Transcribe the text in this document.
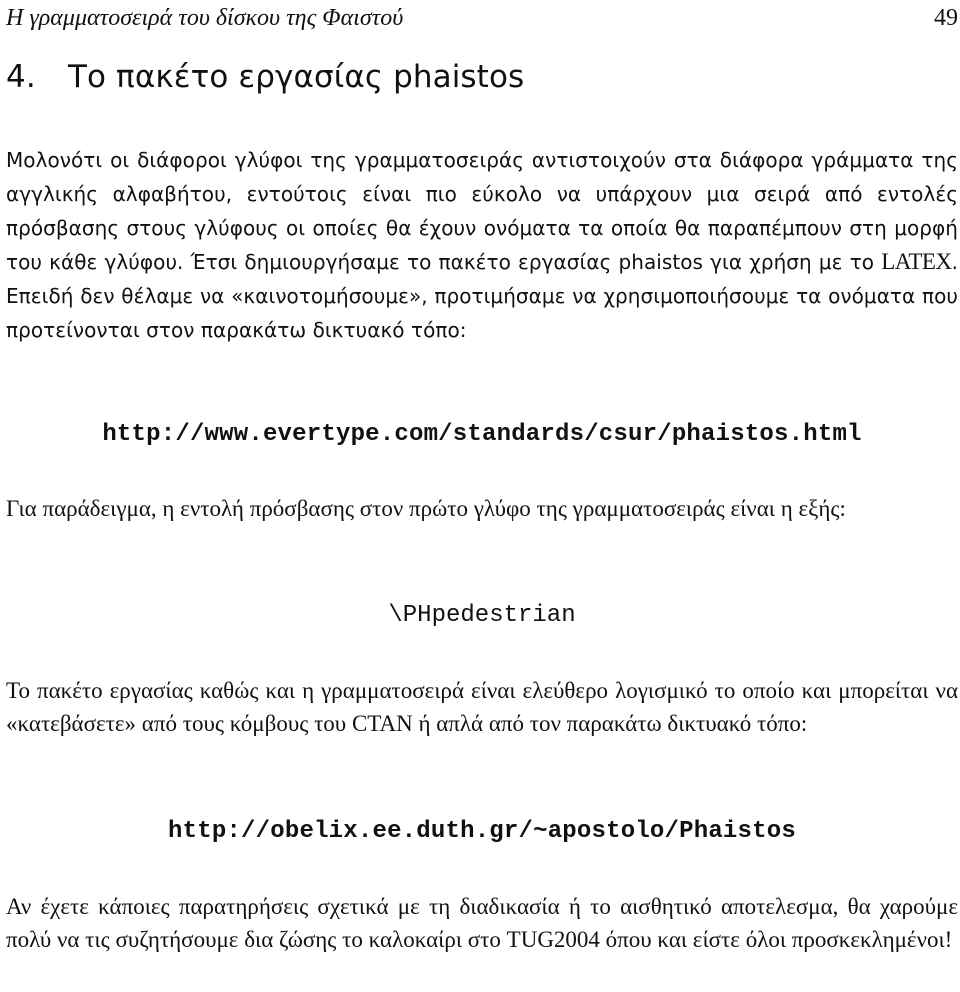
Η γραμματοσειρά του δίσκου της Φαιστού	49
4. Το πακέτο εργασίας phaistos

Μολονότι οι διάφοροι γλύφοι της γραμματοσειράς αντιστοιχούν στα διάφορα γράμματα της αγγλικής αλφαβήτου, εντούτοις είναι πιο εύκολο να υπάρχουν μια σειρά από εντολές πρόσβασης στους γλύφους οι οποίες θα έχουν ονόματα τα οποία θα παραπέμπουν στη μορφή του κάθε γλύφου. Έτσι δημιουργήσαμε το πακέτο εργασίας phaistos για χρήση με το LATEX. Επειδή δεν θέλαμε να «καινοτομήσουμε», προτιμήσαμε να χρησιμοποιήσουμε τα ονόματα που προτείνονται στον παρακάτω δικτυακό τόπο:

http://www.evertype.com/standards/csur/phaistos.html

Για παράδειγμα, η εντολή πρόσβασης στον πρώτο γλύφο της γραμματοσειράς είναι η εξής:

\PHpedestrian

Το πακέτο εργασίας καθώς και η γραμματοσειρά είναι ελεύθερο λογισμικό το οποίο και μπορείται να «κατεβάσετε» από τους κόμβους του CTAN ή απλά από τον παρακάτω δικτυακό τόπο:

http://obelix.ee.duth.gr/~apostolo/Phaistos

Αν έχετε κάποιες παρατηρήσεις σχετικά με τη διαδικασία ή το αισθητικό αποτελεσμα, θα χαρούμε πολύ να τις συζητήσουμε δια ζώσης το καλοκαίρι στο TUG2004 όπου και είστε όλοι προσκεκλημένοι!
